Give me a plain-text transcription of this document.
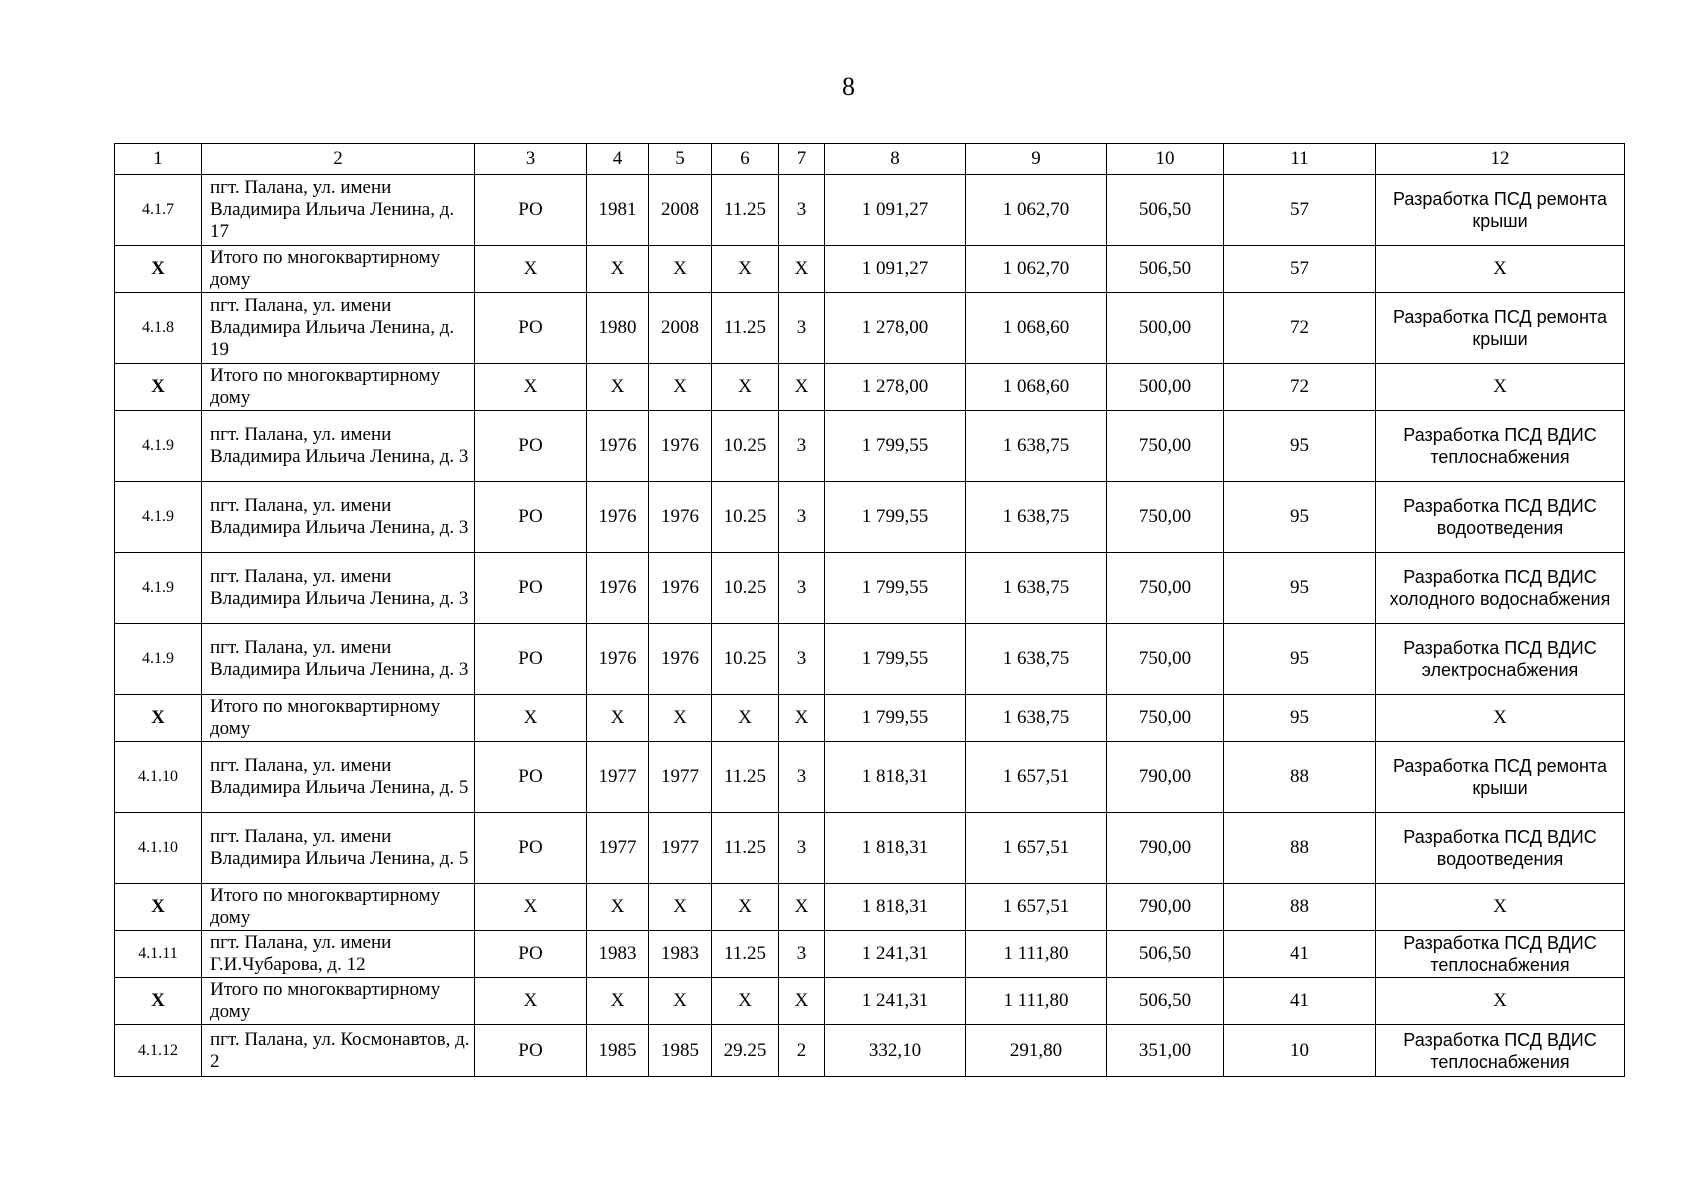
8
1	2	3	4	5	6	7	8	9	10	11	12
4.1.7	пгт. Палана, ул. имени Владимира Ильича Ленина, д. 17	РО	1981	2008	11.25	3	1 091,27	1 062,70	506,50	57	Разработка ПСД ремонта крыши
Х	Итого по многоквартирному дому	Х	Х	Х	Х	Х	1 091,27	1 062,70	506,50	57	Х
4.1.8	пгт. Палана, ул. имени Владимира Ильича Ленина, д. 19	РО	1980	2008	11.25	3	1 278,00	1 068,60	500,00	72	Разработка ПСД ремонта крыши
Х	Итого по многоквартирному дому	Х	Х	Х	Х	Х	1 278,00	1 068,60	500,00	72	Х
4.1.9	пгт. Палана, ул. имени Владимира Ильича Ленина, д. 3	РО	1976	1976	10.25	3	1 799,55	1 638,75	750,00	95	Разработка ПСД ВДИС теплоснабжения
4.1.9	пгт. Палана, ул. имени Владимира Ильича Ленина, д. 3	РО	1976	1976	10.25	3	1 799,55	1 638,75	750,00	95	Разработка ПСД ВДИС водоотведения
4.1.9	пгт. Палана, ул. имени Владимира Ильича Ленина, д. 3	РО	1976	1976	10.25	3	1 799,55	1 638,75	750,00	95	Разработка ПСД ВДИС холодного водоснабжения
4.1.9	пгт. Палана, ул. имени Владимира Ильича Ленина, д. 3	РО	1976	1976	10.25	3	1 799,55	1 638,75	750,00	95	Разработка ПСД ВДИС электроснабжения
Х	Итого по многоквартирному дому	Х	Х	Х	Х	Х	1 799,55	1 638,75	750,00	95	Х
4.1.10	пгт. Палана, ул. имени Владимира Ильича Ленина, д. 5	РО	1977	1977	11.25	3	1 818,31	1 657,51	790,00	88	Разработка ПСД ремонта крыши
4.1.10	пгт. Палана, ул. имени Владимира Ильича Ленина, д. 5	РО	1977	1977	11.25	3	1 818,31	1 657,51	790,00	88	Разработка ПСД ВДИС водоотведения
Х	Итого по многоквартирному дому	Х	Х	Х	Х	Х	1 818,31	1 657,51	790,00	88	Х
4.1.11	пгт. Палана, ул. имени Г.И.Чубарова, д. 12	РО	1983	1983	11.25	3	1 241,31	1 111,80	506,50	41	Разработка ПСД ВДИС теплоснабжения
Х	Итого по многоквартирному дому	Х	Х	Х	Х	Х	1 241,31	1 111,80	506,50	41	Х
4.1.12	пгт. Палана, ул. Космонавтов, д. 2	РО	1985	1985	29.25	2	332,10	291,80	351,00	10	Разработка ПСД ВДИС теплоснабжения
